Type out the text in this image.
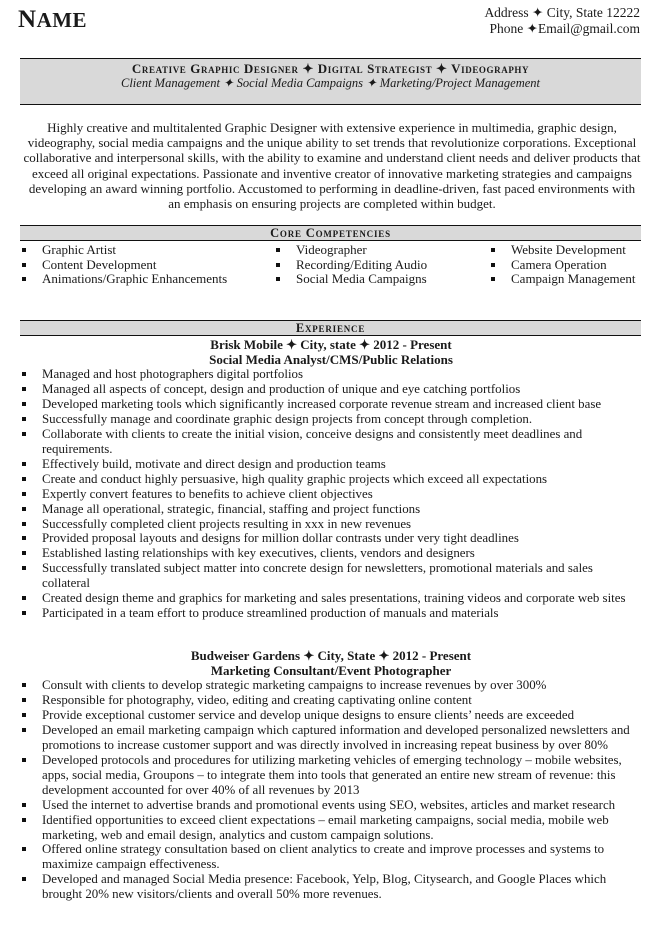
NAME	Address ✦ City, State 12222
Phone ✦Email@gmail.com
Creative Graphic Designer ✦ Digital Strategist ✦ Videography
Client Management ✦ Social Media Campaigns ✦ Marketing/Project Management
Highly creative and multitalented Graphic Designer with extensive experience in multimedia, graphic design, videography, social media campaigns and the unique ability to set trends that revolutionize corporations. Exceptional collaborative and interpersonal skills, with the ability to examine and understand client needs and deliver products that exceed all original expectations. Passionate and inventive creator of innovative marketing strategies and campaigns developing an award winning portfolio. Accustomed to performing in deadline-driven, fast paced environments with an emphasis on ensuring projects are completed within budget.
Core Competencies
Graphic Artist
Content Development
Animations/Graphic Enhancements
Videographer
Recording/Editing Audio
Social Media Campaigns
Website Development
Camera Operation
Campaign Management
Experience
Brisk Mobile ✦ City, state ✦ 2012 - Present
Social Media Analyst/CMS/Public Relations
Managed and host photographers digital portfolios
Managed all aspects of concept, design and production of unique and eye catching portfolios
Developed marketing tools which significantly increased corporate revenue stream and increased client base
Successfully manage and coordinate graphic design projects from concept through completion.
Collaborate with clients to create the initial vision, conceive designs and consistently meet deadlines and requirements.
Effectively build, motivate and direct design and production teams
Create and conduct highly persuasive, high quality graphic projects which exceed all expectations
Expertly convert features to benefits to achieve client objectives
Manage all operational, strategic, financial, staffing and project functions
Successfully completed client projects resulting in xxx in new revenues
Provided proposal layouts and designs for million dollar contrasts under very tight deadlines
Established lasting relationships with key executives, clients, vendors and designers
Successfully translated subject matter into concrete design for newsletters, promotional materials and sales collateral
Created design theme and graphics for marketing and sales presentations, training videos and corporate web sites
Participated in a team effort to produce streamlined production of manuals and materials
Budweiser Gardens ✦ City, State ✦ 2012 - Present
Marketing Consultant/Event Photographer
Consult with clients to develop strategic marketing campaigns to increase revenues by over 300%
Responsible for photography, video, editing and creating captivating online content
Provide exceptional customer service and develop unique designs to ensure clients’ needs are exceeded
Developed an email marketing campaign which captured information and developed personalized newsletters and promotions to increase customer support and was directly involved in increasing repeat business by over 80%
Developed protocols and procedures for utilizing marketing vehicles of emerging technology – mobile websites, apps, social media, Groupons – to integrate them into tools that generated an entire new stream of revenue: this development accounted for over 40% of all revenues by 2013
Used the internet to advertise brands and promotional events using SEO, websites, articles and market research
Identified opportunities to exceed client expectations – email marketing campaigns, social media, mobile web marketing, web and email design, analytics and custom campaign solutions.
Offered online strategy consultation based on client analytics to create and improve processes and systems to maximize campaign effectiveness.
Developed and managed Social Media presence: Facebook, Yelp, Blog, Citysearch, and Google Places which brought 20% new visitors/clients and overall 50% more revenues.
